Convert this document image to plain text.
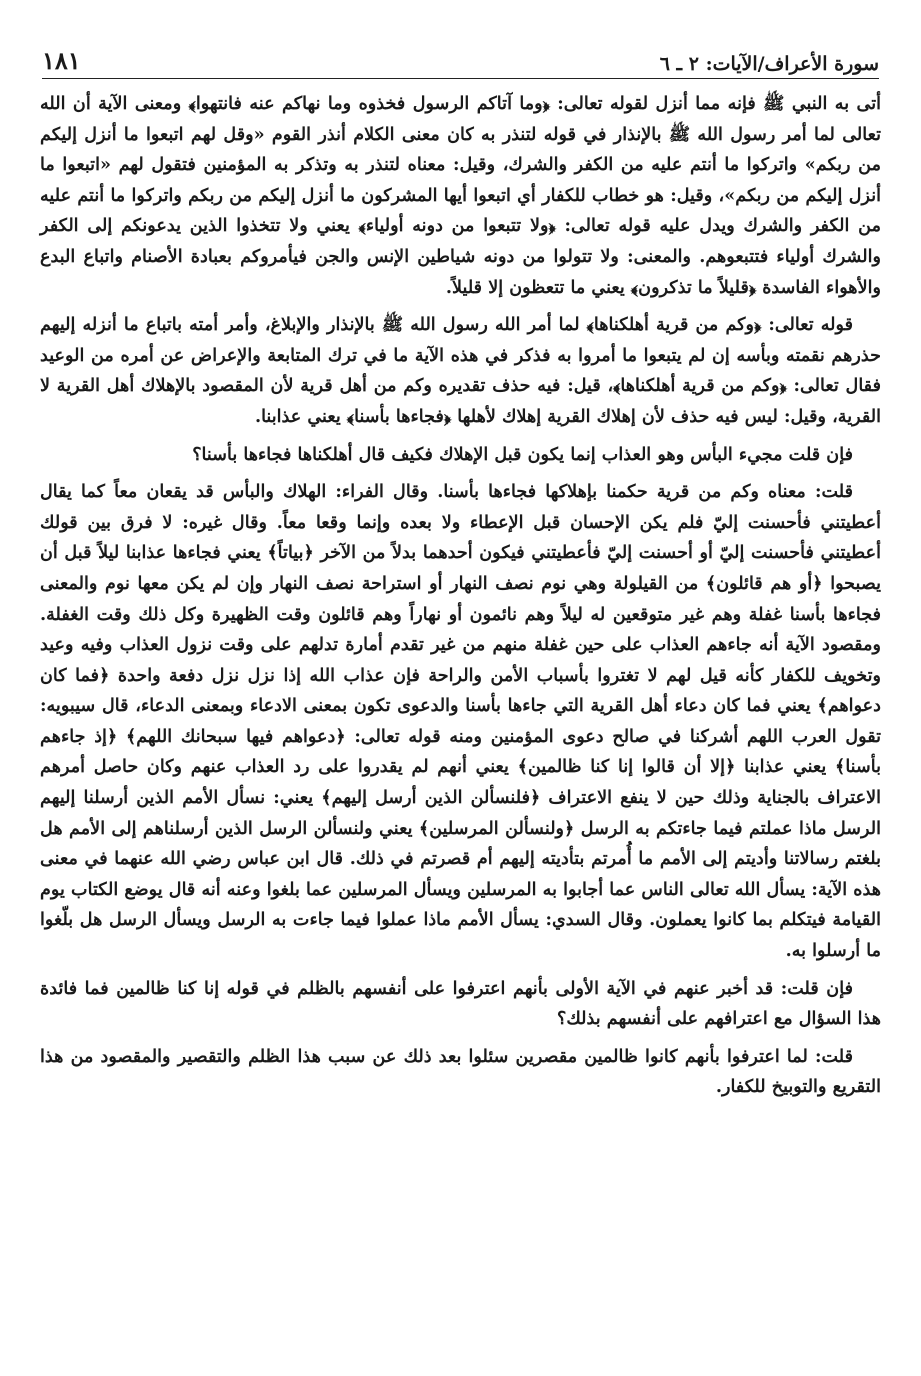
سورة الأعراف/الآيات: ٢ ـ ٦
١٨١

أتى به النبي ﷺ فإنه مما أنزل لقوله تعالى: ﴿وما آتاكم الرسول فخذوه وما نهاكم عنه فانتهوا﴾ ومعنى الآية أن الله تعالى لما أمر رسول الله ﷺ بالإنذار في قوله لتنذر به كان معنى الكلام أنذر القوم «وقل لهم اتبعوا ما أنزل إليكم من ربكم» واتركوا ما أنتم عليه من الكفر والشرك، وقيل: معناه لتنذر به وتذكر به المؤمنين فتقول لهم «اتبعوا ما أنزل إليكم من ربكم»، وقيل: هو خطاب للكفار أي اتبعوا أيها المشركون ما أنزل إليكم من ربكم واتركوا ما أنتم عليه من الكفر والشرك ويدل عليه قوله تعالى: ﴿ولا تتبعوا من دونه أولياء﴾ يعني ولا تتخذوا الذين يدعونكم إلى الكفر والشرك أولياء فتتبعوهم. والمعنى: ولا تتولوا من دونه شياطين الإنس والجن فيأمروكم بعبادة الأصنام واتباع البدع والأهواء الفاسدة ﴿قليلاً ما تذكرون﴾ يعني ما تتعظون إلا قليلاً.

قوله تعالى: ﴿وكم من قرية أهلكناها﴾ لما أمر الله رسول الله ﷺ بالإنذار والإبلاغ، وأمر أمته باتباع ما أنزله إليهم حذرهم نقمته وبأسه إن لم يتبعوا ما أمروا به فذكر في هذه الآية ما في ترك المتابعة والإعراض عن أمره من الوعيد فقال تعالى: ﴿وكم من قرية أهلكناها﴾، قيل: فيه حذف تقديره وكم من أهل قرية لأن المقصود بالإهلاك أهل القرية لا القرية، وقيل: ليس فيه حذف لأن إهلاك القرية إهلاك لأهلها ﴿فجاءها بأسنا﴾ يعني عذابنا.

فإن قلت مجيء البأس وهو العذاب إنما يكون قبل الإهلاك فكيف قال أهلكناها فجاءها بأسنا؟

قلت: معناه وكم من قرية حكمنا بإهلاكها فجاءها بأسنا. وقال الفراء: الهلاك والبأس قد يقعان معاً كما يقال أعطيتني فأحسنت إليّ فلم يكن الإحسان قبل الإعطاء ولا بعده وإنما وقعا معاً. وقال غيره: لا فرق بين قولك أعطيتني فأحسنت إليّ أو أحسنت إليّ فأعطيتني فيكون أحدهما بدلاً من الآخر ﴿بياتاً﴾ يعني فجاءها عذابنا ليلاً قبل أن يصبحوا ﴿أو هم قائلون﴾ من القيلولة وهي نوم نصف النهار أو استراحة نصف النهار وإن لم يكن معها نوم والمعنى فجاءها بأسنا غفلة وهم غير متوقعين له ليلاً وهم نائمون أو نهاراً وهم قائلون وقت الظهيرة وكل ذلك وقت الغفلة. ومقصود الآية أنه جاءهم العذاب على حين غفلة منهم من غير تقدم أمارة تدلهم على وقت نزول العذاب وفيه وعيد وتخويف للكفار كأنه قيل لهم لا تغتروا بأسباب الأمن والراحة فإن عذاب الله إذا نزل نزل دفعة واحدة ﴿فما كان دعواهم﴾ يعني فما كان دعاء أهل القرية التي جاءها بأسنا والدعوى تكون بمعنى الادعاء وبمعنى الدعاء، قال سيبويه: تقول العرب اللهم أشركنا في صالح دعوى المؤمنين ومنه قوله تعالى: ﴿دعواهم فيها سبحانك اللهم﴾ ﴿إذ جاءهم بأسنا﴾ يعني عذابنا ﴿إلا أن قالوا إنا كنا ظالمين﴾ يعني أنهم لم يقدروا على رد العذاب عنهم وكان حاصل أمرهم الاعتراف بالجناية وذلك حين لا ينفع الاعتراف ﴿فلنسألن الذين أرسل إليهم﴾ يعني: نسأل الأمم الذين أرسلنا إليهم الرسل ماذا عملتم فيما جاءتكم به الرسل ﴿ولنسألن المرسلين﴾ يعني ولنسألن الرسل الذين أرسلناهم إلى الأمم هل بلغتم رسالاتنا وأديتم إلى الأمم ما أُمرتم بتأديته إليهم أم قصرتم في ذلك. قال ابن عباس رضي الله عنهما في معنى هذه الآية: يسأل الله تعالى الناس عما أجابوا به المرسلين ويسأل المرسلين عما بلغوا وعنه أنه قال يوضع الكتاب يوم القيامة فيتكلم بما كانوا يعملون. وقال السدي: يسأل الأمم ماذا عملوا فيما جاءت به الرسل ويسأل الرسل هل بلّغوا ما أرسلوا به.

فإن قلت: قد أخبر عنهم في الآية الأولى بأنهم اعترفوا على أنفسهم بالظلم في قوله إنا كنا ظالمين فما فائدة هذا السؤال مع اعترافهم على أنفسهم بذلك؟

قلت: لما اعترفوا بأنهم كانوا ظالمين مقصرين سئلوا بعد ذلك عن سبب هذا الظلم والتقصير والمقصود من هذا التقريع والتوبيخ للكفار.
